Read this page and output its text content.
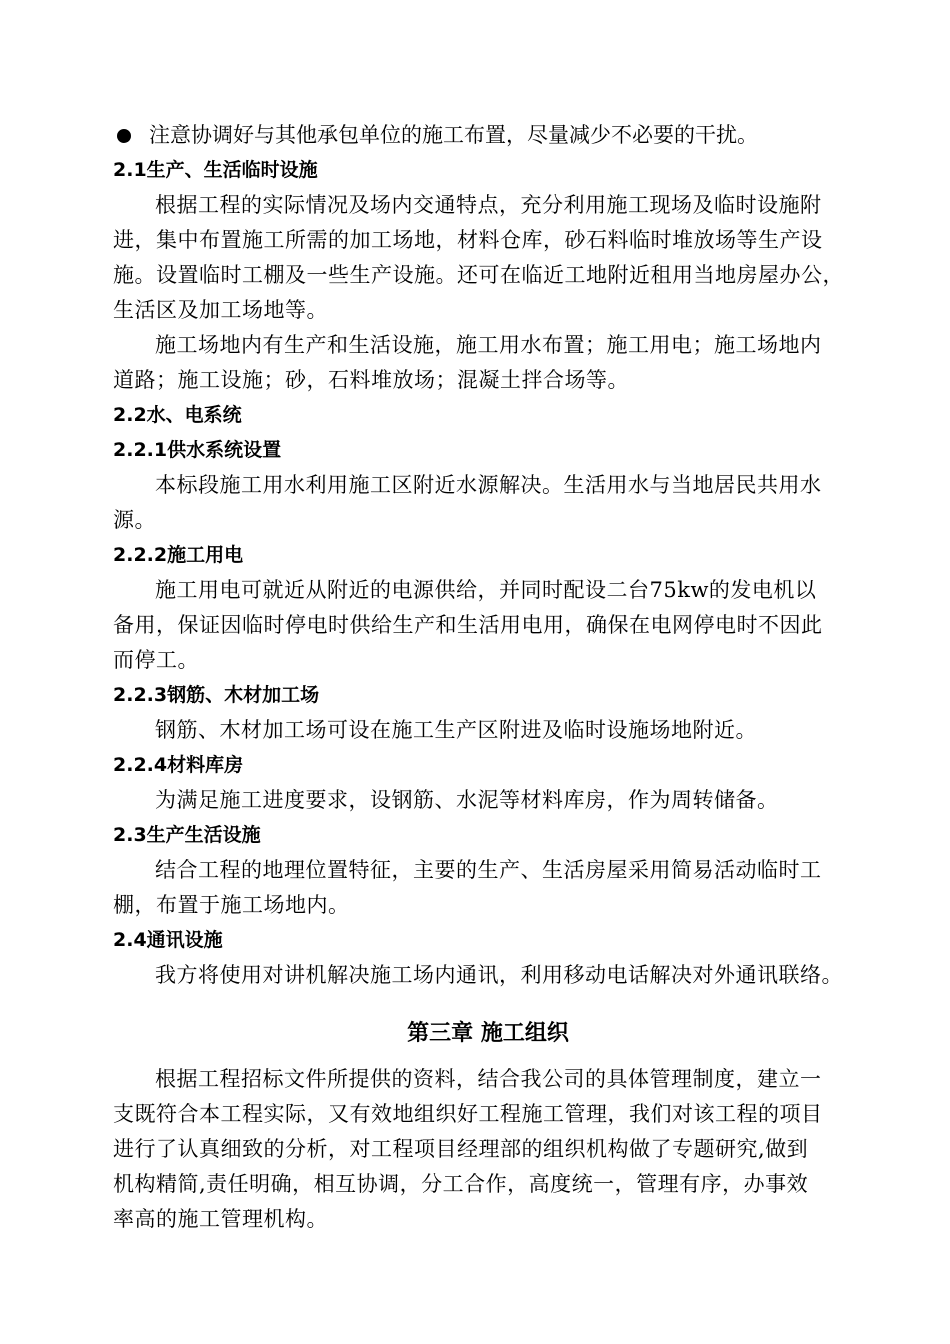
注意协调好与其他承包单位的施工布置，尽量减少不必要的干扰。

2.1生产、生活临时设施

根据工程的实际情况及场内交通特点，充分利用施工现场及临时设施附
进，集中布置施工所需的加工场地，材料仓库，砂石料临时堆放场等生产设
施。设置临时工棚及一些生产设施。还可在临近工地附近租用当地房屋办公，
生活区及加工场地等。

施工场地内有生产和生活设施，施工用水布置；施工用电；施工场地内
道路；施工设施；砂，石料堆放场；混凝土拌合场等。

2.2水、电系统

2.2.1供水系统设置

本标段施工用水利用施工区附近水源解决。生活用水与当地居民共用水
源。

2.2.2施工用电

施工用电可就近从附近的电源供给，并同时配设二台75kw的发电机以
备用，保证因临时停电时供给生产和生活用电用，确保在电网停电时不因此
而停工。

2.2.3钢筋、木材加工场

钢筋、木材加工场可设在施工生产区附进及临时设施场地附近。

2.2.4材料库房

为满足施工进度要求，设钢筋、水泥等材料库房，作为周转储备。

2.3生产生活设施

结合工程的地理位置特征，主要的生产、生活房屋采用简易活动临时工
棚，布置于施工场地内。

2.4通讯设施

我方将使用对讲机解决施工场内通讯，利用移动电话解决对外通讯联络。

第三章 施工组织

根据工程招标文件所提供的资料，结合我公司的具体管理制度，建立一
支既符合本工程实际，又有效地组织好工程施工管理，我们对该工程的项目
进行了认真细致的分析，对工程项目经理部的组织机构做了专题研究,做到
机构精简,责任明确，相互协调，分工合作，高度统一，管理有序，办事效
率高的施工管理机构。
